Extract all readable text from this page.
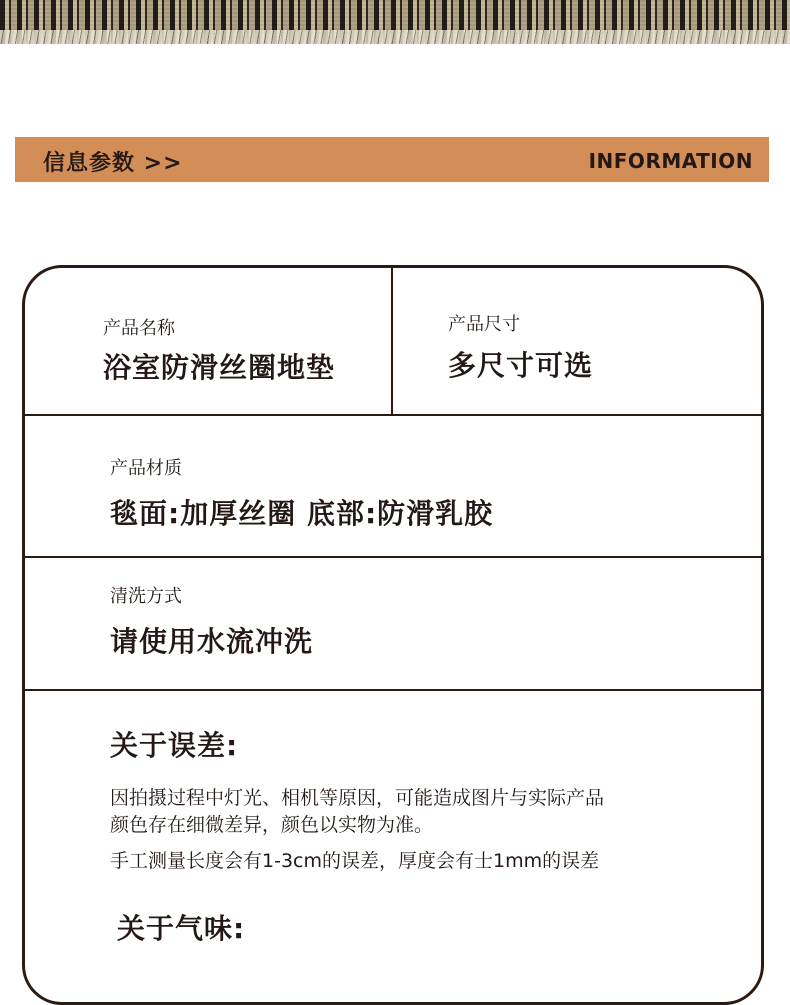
信息参数 >>	INFORMATION
产品名称
浴室防滑丝圈地垫
产品尺寸
多尺寸可选
产品材质
毯面:加厚丝圈 底部:防滑乳胶
清洗方式
请使用水流冲洗
关于误差:
因拍摄过程中灯光、相机等原因，可能造成图片与实际产品
颜色存在细微差异，颜色以实物为准。
手工测量长度会有1-3cm的误差，厚度会有士1mm的误差
关于气味:
